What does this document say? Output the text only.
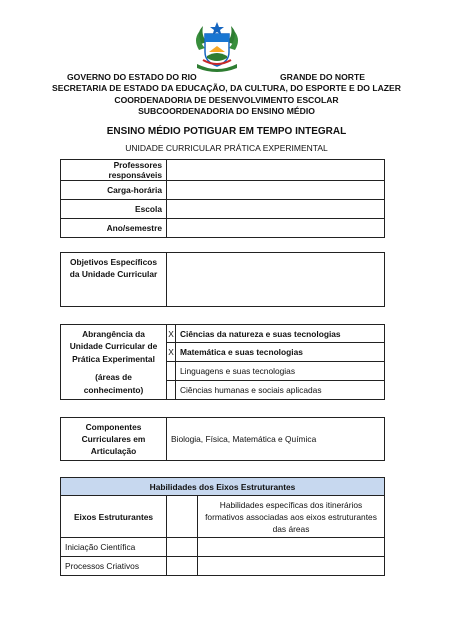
GOVERNO DO ESTADO DO RIO	GRANDE DO NORTE
SECRETARIA DE ESTADO DA EDUCAÇÃO, DA CULTURA, DO ESPORTE E DO LAZER
COORDENADORIA DE DESENVOLVIMENTO ESCOLAR
SUBCOORDENADORIA DO ENSINO MÉDIO
ENSINO MÉDIO POTIGUAR EM TEMPO INTEGRAL
UNIDADE CURRICULAR PRÁTICA EXPERIMENTAL
Professores responsáveis	
Carga-horária	
Escola	
Ano/semestre	
Objetivos Específicos da Unidade Curricular	
Abrangência da Unidade Curricular de Prática Experimental
(áreas de conhecimento)	X	Ciências da natureza e suas tecnologias
	X	Matemática e suas tecnologias
		Linguagens e suas tecnologias
		Ciências humanas e sociais aplicadas
Componentes Curriculares em Articulação	Biologia, Física, Matemática e Química
Habilidades dos Eixos Estruturantes		
Eixos Estruturantes		Habilidades específicas dos itinerários formativos associadas aos eixos estruturantes das áreas
Iniciação Científica		
Processos Criativos		
